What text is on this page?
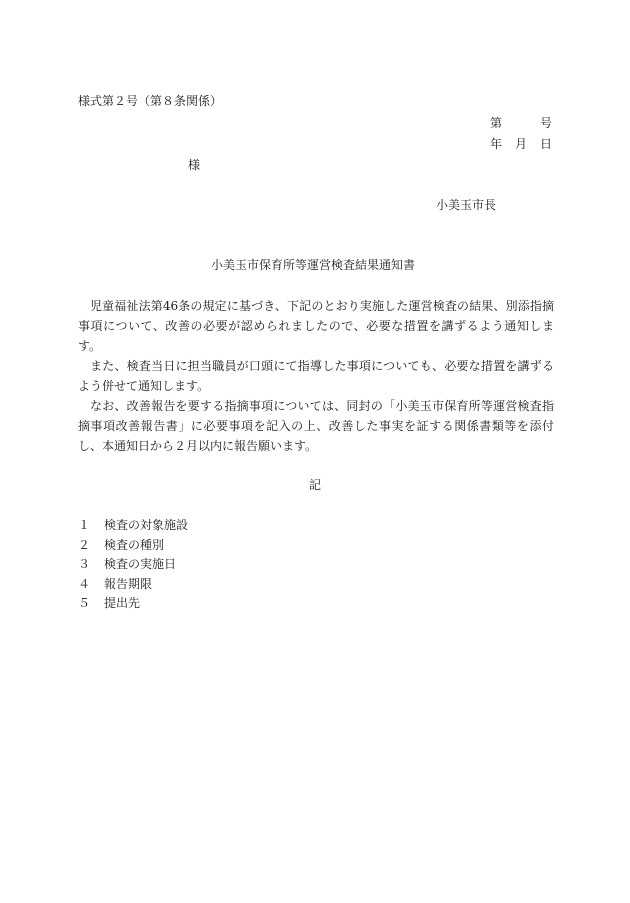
様式第２号（第８条関係）
第	号
年 月 日
様
小美玉市長
小美玉市保育所等運営検査結果通知書

児童福祉法第46条の規定に基づき、下記のとおり実施した運営検査の結果、別添指摘事項について、改善の必要が認められましたので、必要な措置を講ずるよう通知します。

また、検査当日に担当職員が口頭にて指導した事項についても、必要な措置を講ずるよう併せて通知します。

なお、改善報告を要する指摘事項については、同封の「小美玉市保育所等運営検査指摘事項改善報告書」に必要事項を記入の上、改善した事実を証する関係書類等を添付し、本通知日から２月以内に報告願います。

記
１ 検査の対象施設
２ 検査の種別
３ 検査の実施日
４ 報告期限
５ 提出先
